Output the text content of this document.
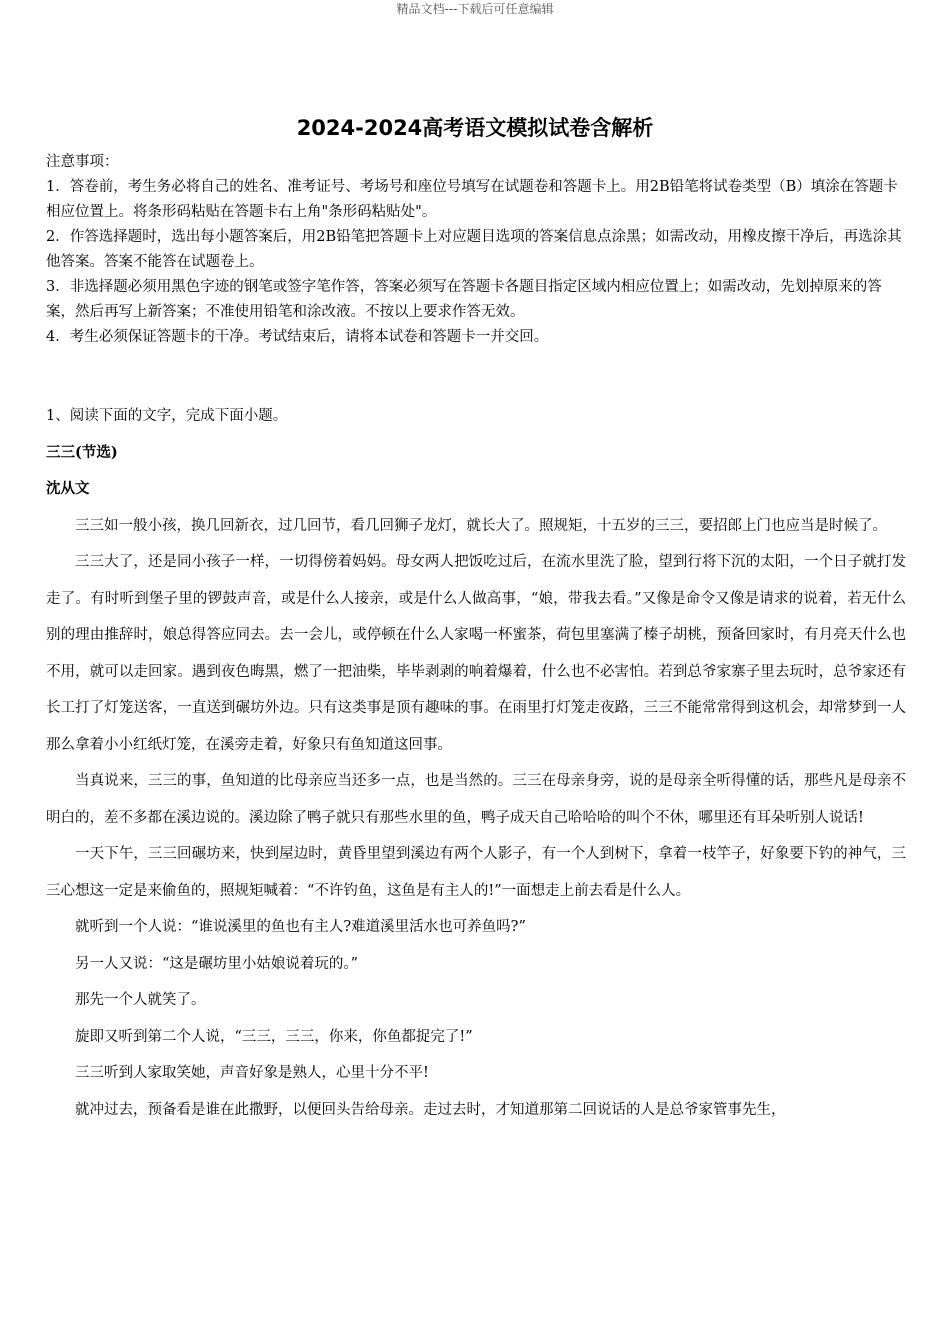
精品文档---下载后可任意编辑
2024-2024高考语文模拟试卷含解析

注意事项：

1．答卷前，考生务必将自己的姓名、准考证号、考场号和座位号填写在试题卷和答题卡上。用2B铅笔将试卷类型（B）填涂在答题卡相应位置上。将条形码粘贴在答题卡右上角"条形码粘贴处"。

2．作答选择题时，选出每小题答案后，用2B铅笔把答题卡上对应题目选项的答案信息点涂黑；如需改动，用橡皮擦干净后，再选涂其他答案。答案不能答在试题卷上。

3．非选择题必须用黑色字迹的钢笔或签字笔作答，答案必须写在答题卡各题目指定区域内相应位置上；如需改动，先划掉原来的答案，然后再写上新答案；不准使用铅笔和涂改液。不按以上要求作答无效。

4．考生必须保证答题卡的干净。考试结束后，请将本试卷和答题卡一并交回。

1、阅读下面的文字，完成下面小题。

三三(节选)

沈从文

三三如一般小孩，换几回新衣，过几回节，看几回狮子龙灯，就长大了。照规矩，十五岁的三三，要招郎上门也应当是时候了。

三三大了，还是同小孩子一样，一切得傍着妈妈。母女两人把饭吃过后，在流水里洗了脸，望到行将下沉的太阳，一个日子就打发走了。有时听到堡子里的锣鼓声音，或是什么人接亲，或是什么人做高事，“娘，带我去看。”又像是命令又像是请求的说着，若无什么别的理由推辞时，娘总得答应同去。去一会儿，或停顿在什么人家喝一杯蜜茶，荷包里塞满了榛子胡桃，预备回家时，有月亮天什么也不用，就可以走回家。遇到夜色晦黑，燃了一把油柴，毕毕剥剥的响着爆着，什么也不必害怕。若到总爷家寨子里去玩时，总爷家还有长工打了灯笼送客，一直送到碾坊外边。只有这类事是顶有趣味的事。在雨里打灯笼走夜路，三三不能常常得到这机会，却常梦到一人那么拿着小小红纸灯笼，在溪旁走着，好象只有鱼知道这回事。

当真说来，三三的事，鱼知道的比母亲应当还多一点，也是当然的。三三在母亲身旁，说的是母亲全听得懂的话，那些凡是母亲不明白的，差不多都在溪边说的。溪边除了鸭子就只有那些水里的鱼，鸭子成天自己哈哈哈的叫个不休，哪里还有耳朵听别人说话!

一天下午，三三回碾坊来，快到屋边时，黄昏里望到溪边有两个人影子，有一个人到树下，拿着一枝竿子，好象要下钓的神气，三三心想这一定是来偷鱼的，照规矩喊着：“不许钓鱼，这鱼是有主人的!”一面想走上前去看是什么人。

就听到一个人说：“谁说溪里的鱼也有主人?难道溪里活水也可养鱼吗?”

另一人又说：“这是碾坊里小姑娘说着玩的。”

那先一个人就笑了。

旋即又听到第二个人说，“三三，三三，你来，你鱼都捉完了!”

三三听到人家取笑她，声音好象是熟人，心里十分不平!

就冲过去，预备看是谁在此撒野，以便回头告给母亲。走过去时，才知道那第二回说话的人是总爷家管事先生，
